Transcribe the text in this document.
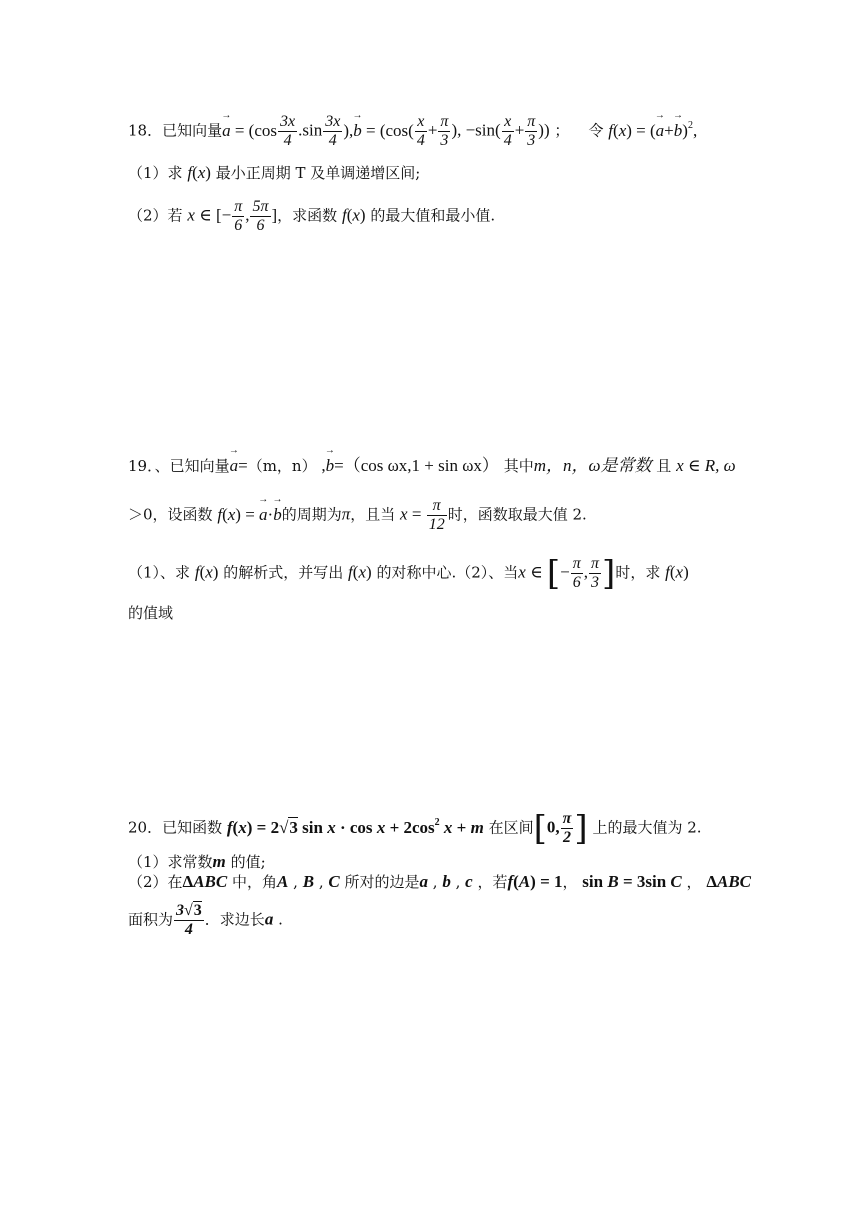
18．已知向量→ $a = (\cos \frac{3x}{4} .\sin \frac{3x}{4}$ ),→ $b = (\cos( \frac{x}{4} + \frac{\pi}{3}$ ), $-\sin( \frac{x}{4} + \frac{\pi}{3}$ )) ； 令 f(x) = (→ a+→ b)$^2$,
（1）求 f(x) 最小正周期 T 及单调递增区间;
（2）若 x ∈ [− $\frac{\pi}{6}$ , $\frac{5\pi}{6}$ ]，求函数 f(x) 的最大值和最小值.
19．、已知向量→ a=（m，n） ,→ b=（cos ωx,1 + sin ωx） 其中m，n，ω是常数 且 x ∈ R, ω
＞0，设函数 f(x) = → a·→ b的周期为π，且当 $x = \frac{\pi}{12}$ 时，函数取最大值 2.
（1）、求 f(x) 的解析式，并写出 f(x) 的对称中心.（2）、当x ∈ [− $\frac{\pi}{6}$ , $\frac{\pi}{3}$ ]时，求 f(x)
的值域
20．已知函数 f(x) = 2√3 $\sin x \cdot \cos x + 2\cos^2$ x + m 在区间[0, $\frac{\pi}{2}$ ] 上的最大值为 2.
（1）求常数m 的值;
（2）在ΔABC 中，角A , B , C 所对的边是a , b , c ，若f(A) = 1， sin B = 3sin C ， ΔABC
面积为 $\frac{3√3}{4}$ ．求边长a .
